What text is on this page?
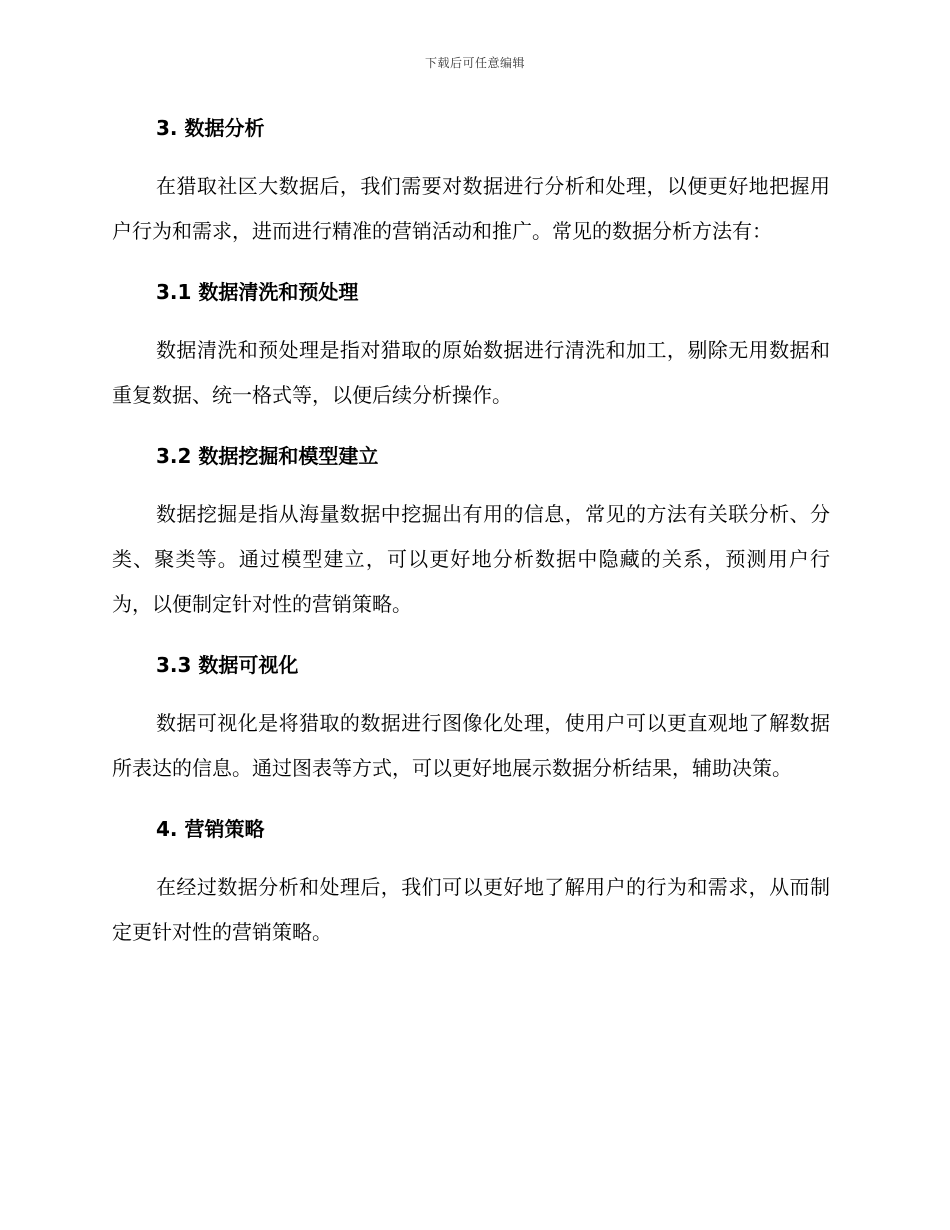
下载后可任意编辑
3. 数据分析

在猎取社区大数据后，我们需要对数据进行分析和处理，以便更好地把握用户行为和需求，进而进行精准的营销活动和推广。常见的数据分析方法有：

3.1 数据清洗和预处理

数据清洗和预处理是指对猎取的原始数据进行清洗和加工，剔除无用数据和重复数据、统一格式等，以便后续分析操作。

3.2 数据挖掘和模型建立

数据挖掘是指从海量数据中挖掘出有用的信息，常见的方法有关联分析、分类、聚类等。通过模型建立，可以更好地分析数据中隐藏的关系，预测用户行为，以便制定针对性的营销策略。

3.3 数据可视化

数据可视化是将猎取的数据进行图像化处理，使用户可以更直观地了解数据所表达的信息。通过图表等方式，可以更好地展示数据分析结果，辅助决策。

4. 营销策略

在经过数据分析和处理后，我们可以更好地了解用户的行为和需求，从而制定更针对性的营销策略。
